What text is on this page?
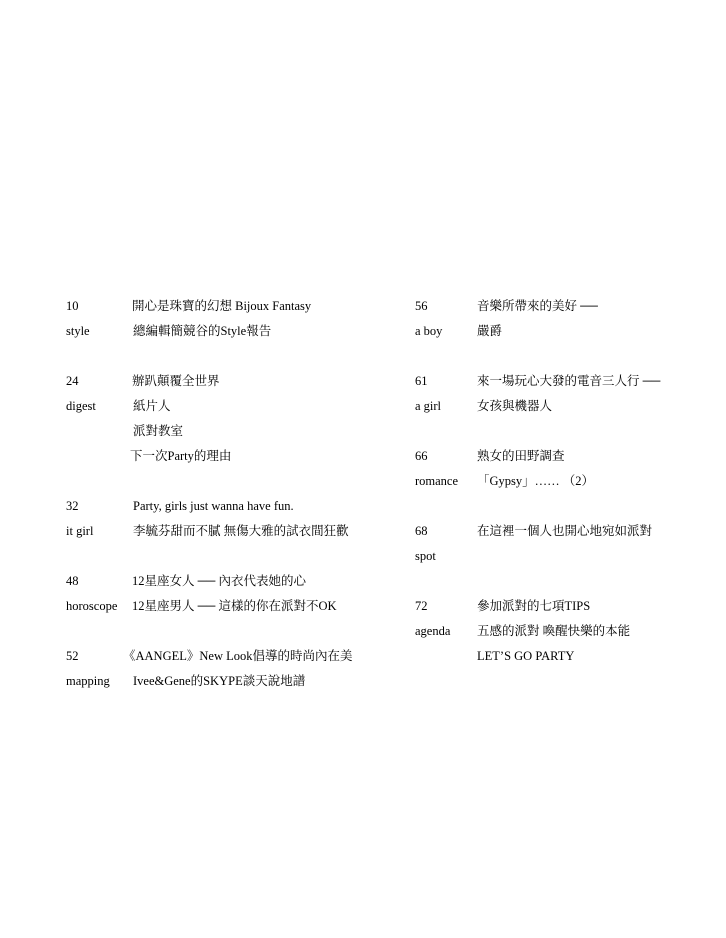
10	開心是珠寶的幻想 Bijoux Fantasy
style	總編輯簡競谷的Style報告
24	辦趴顛覆全世界
digest	紙片人
派對教室
下一次Party的理由
32	Party, girls just wanna have fun.
it girl	李毓芬甜而不膩 無傷大雅的試衣間狂歡
48	12星座女人 ── 內衣代表她的心
horoscope 12星座男人 ── 這樣的你在派對不OK
52	《AANGEL》New Look倡導的時尚內在美
mapping Ivee&Gene的SKYPE談天說地譜
56	音樂所帶來的美好 ──
a boy	嚴爵
61	來一場玩心大發的電音三人行 ──
a girl	女孩與機器人
66	熟女的田野調查
romance 「Gypsy」…… （2）
68	在這裡一個人也開心地宛如派對
spot
72	參加派對的七項TIPS
agenda 五感的派對 喚醒快樂的本能
LET’S GO PARTY
